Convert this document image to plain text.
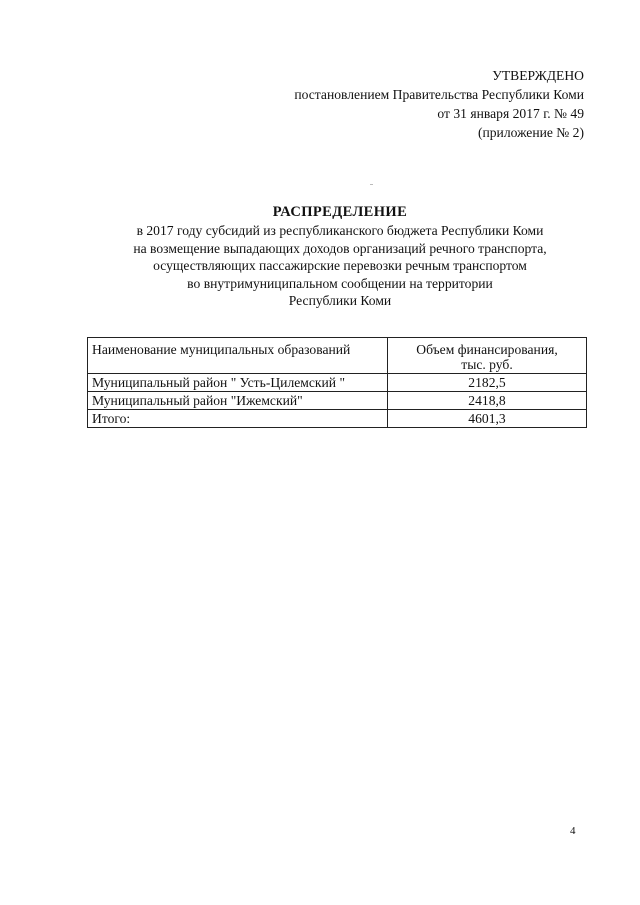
УТВЕРЖДЕНО
постановлением Правительства Республики Коми
от 31 января 2017 г. № 49
(приложение № 2)
РАСПРЕДЕЛЕНИЕ
в 2017 году субсидий из республиканского бюджета Республики Коми
на возмещение выпадающих доходов организаций речного транспорта,
осуществляющих пассажирские перевозки речным транспортом
во внутримуниципальном сообщении на территории
Республики Коми
Наименование муниципальных образований	Объем финансирования,
тыс. руб.

Муниципальный район " Усть-Цилемский "	2182,5
Муниципальный район "Ижемский"	2418,8
Итого:	4601,3
4
